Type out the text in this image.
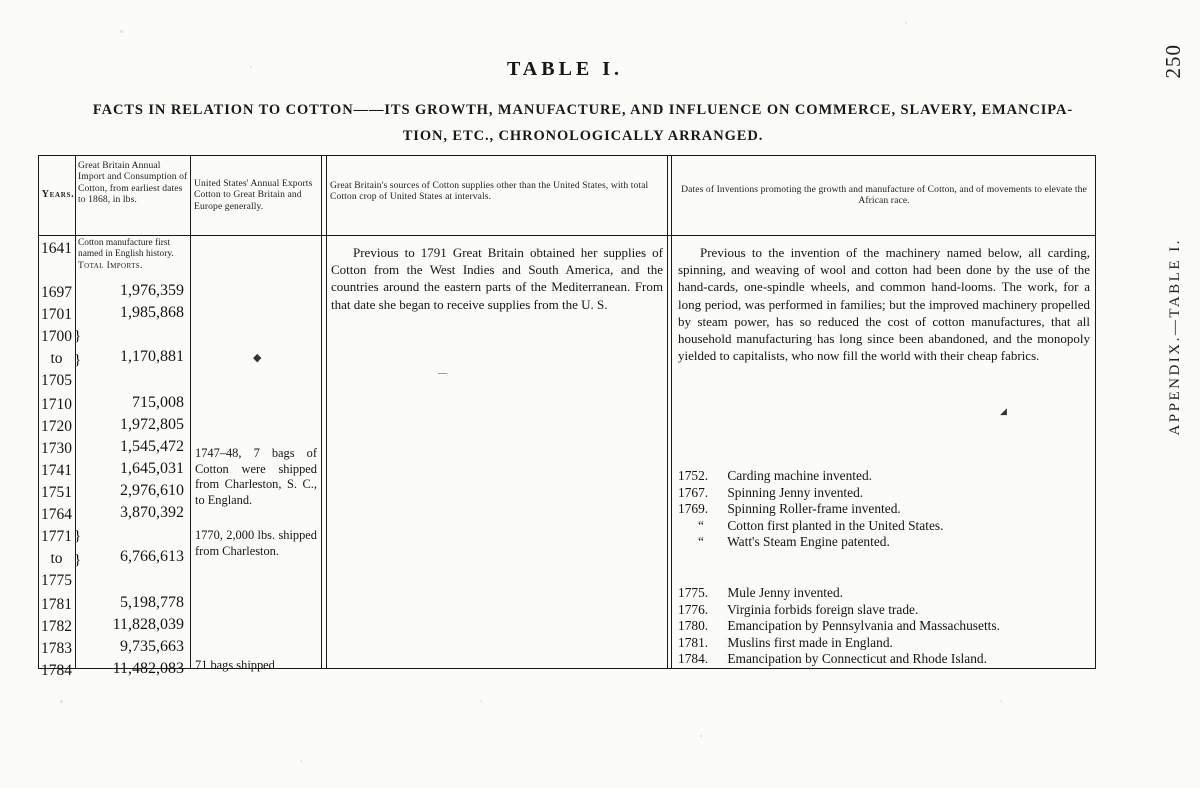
250
APPENDIX.—TABLE I.
TABLE I.
FACTS IN RELATION TO COTTON——ITS GROWTH, MANUFACTURE, AND INFLUENCE ON COMMERCE, SLAVERY, EMANCIPA-
TION, ETC., CHRONOLOGICALLY ARRANGED.
Years.
Great Britain Annual Import and Consumption of Cotton, from earliest dates to 1868, in lbs.
United States' Annual Exports Cotton to Great Britain and Europe generally.
Great Britain's sources of Cotton supplies other than the United States, with total Cotton crop of United States at intervals.
Dates of Inventions promoting the growth and manufacture of Cotton, and of movements to elevate the African race.
1641
1697
1701
1700
to
1705
1710
1720
1730
1741
1751
1764
1771
to
1775
1781
1782
1783
1784
Cotton manufacture first named in English history.
Total Imports.
1,976,359
1,985,868
1,170,881
715,008
1,972,805
1,545,472
1,645,031
2,976,610
3,870,392
6,766,613
5,198,778
11,828,039
9,735,663
11,482,083
}
}
}
}
◆
—
◢
1747–48, 7 bags of Cotton were shipped from Charleston, S. C., to England.
1770, 2,000 lbs. shipped from Charleston.
71 bags shipped
Previous to 1791 Great Britain obtained her supplies of Cotton from the West Indies and South America, and the countries around the eastern parts of the Mediterranean. From that date she began to receive supplies from the U. S.
Previous to the invention of the machinery named below, all carding, spinning, and weaving of wool and cotton had been done by the use of the hand-cards, one-spindle wheels, and common hand-looms. The work, for a long period, was performed in families; but the improved machinery propelled by steam power, has so reduced the cost of cotton manufactures, that all household manufacturing has long since been abandoned, and the monopoly yielded to capitalists, who now fill the world with their cheap fabrics.
1752. Carding machine invented.
1767. Spinning Jenny invented.
1769. Spinning Roller-frame invented.
“ Cotton first planted in the United States.
“ Watt's Steam Engine patented.
1775. Mule Jenny invented.
1776. Virginia forbids foreign slave trade.
1780. Emancipation by Pennsylvania and Massachusetts.
1781. Muslins first made in England.
1784. Emancipation by Connecticut and Rhode Island.
